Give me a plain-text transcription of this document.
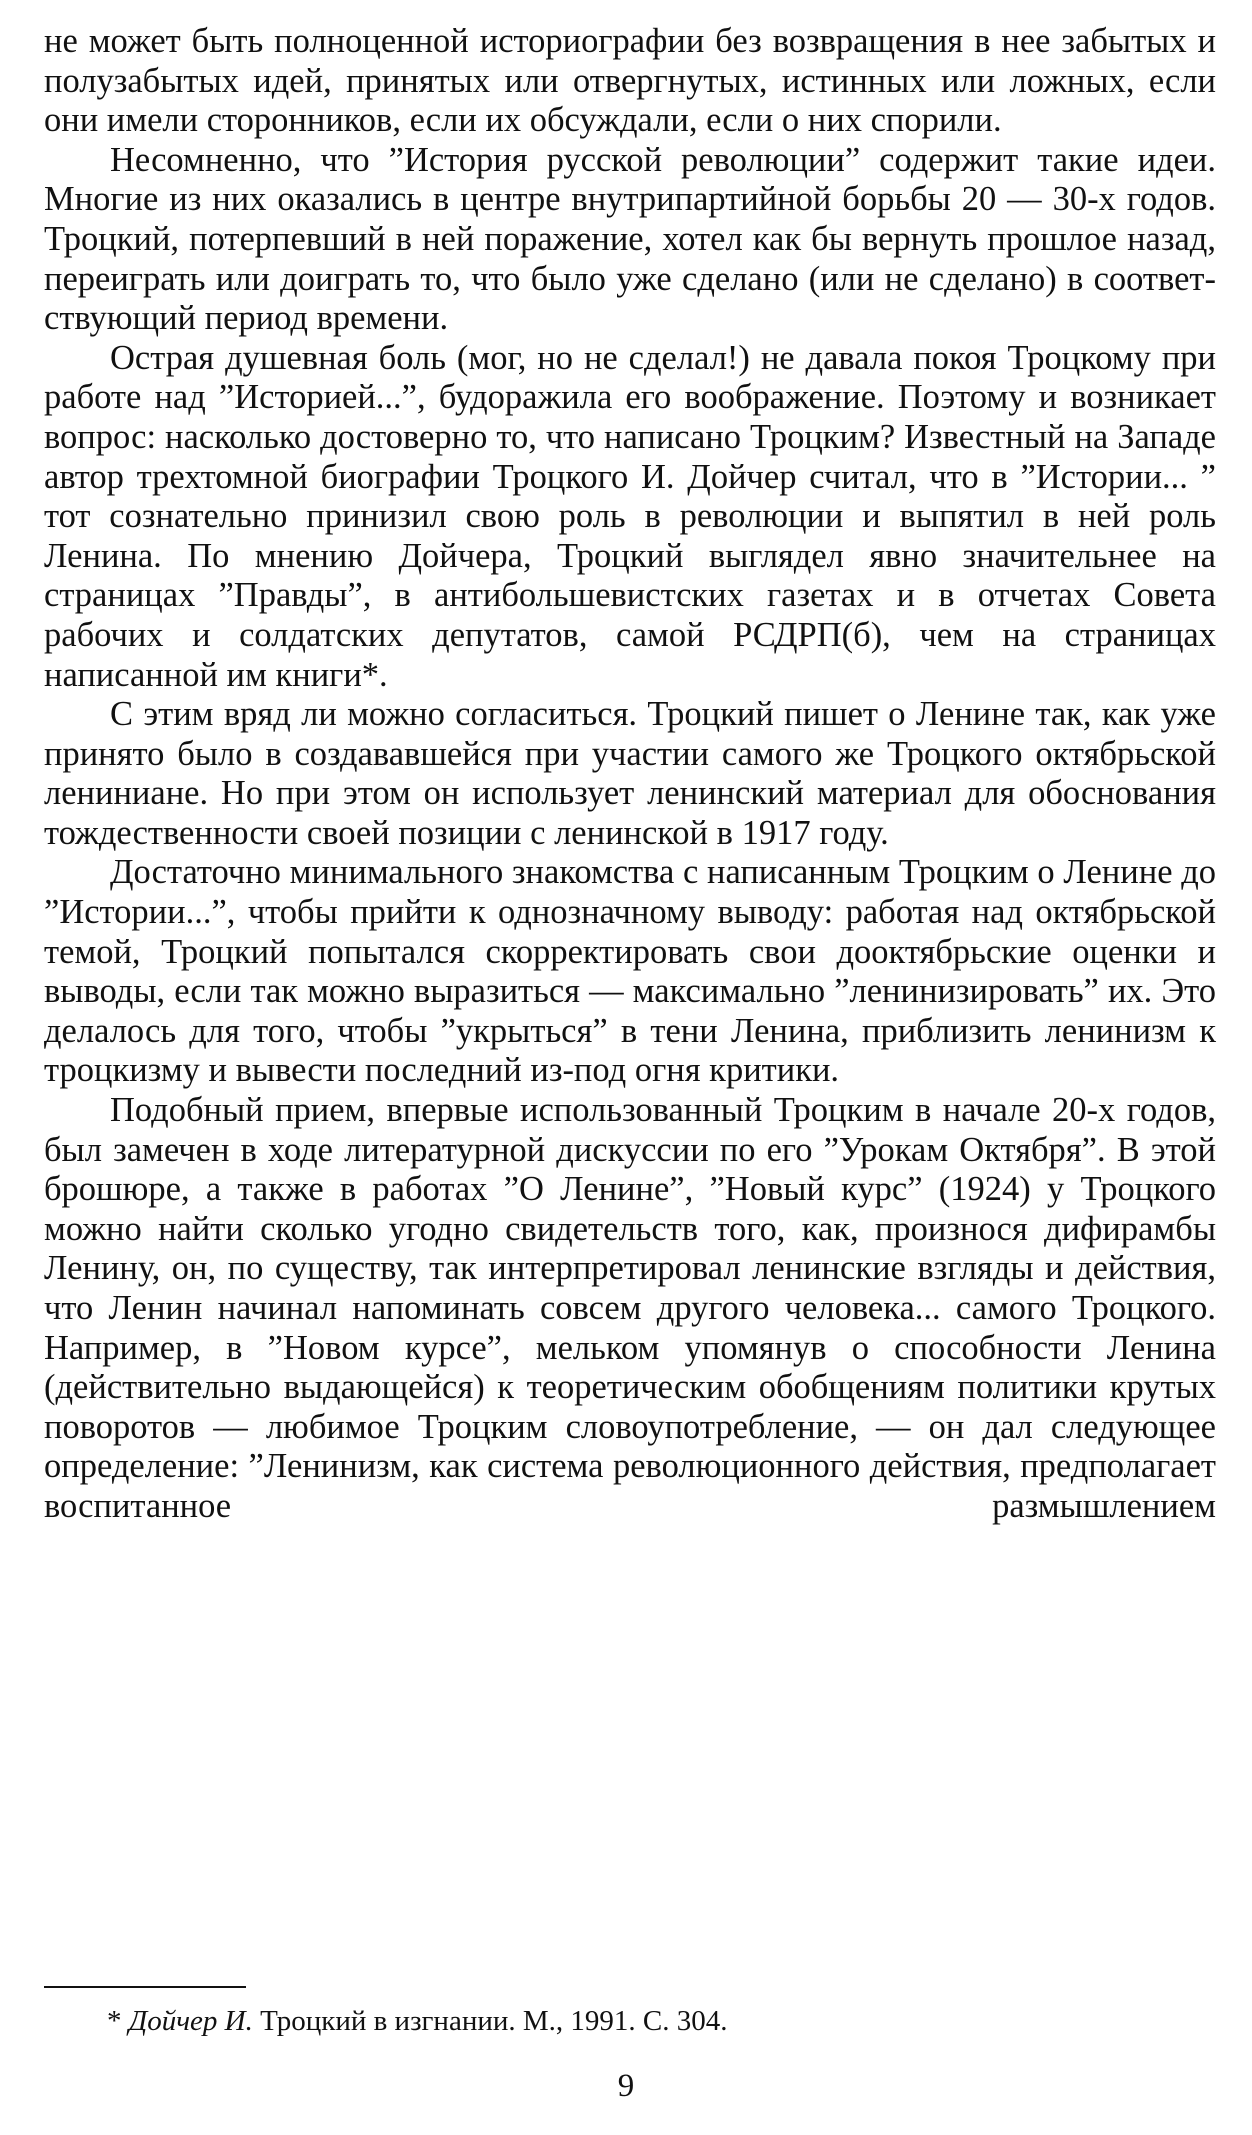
не может быть полноценной историографии без возвращения в нее забытых и полузабытых идей, принятых или отвергнутых, истинных или ложных, если они имели сторонников, если их обсуждали, если о них спорили.

Несомненно, что ”История русской революции” содержит такие идеи. Многие из них оказались в центре внутрипартийной борьбы 20 — 30-х годов. Троцкий, потерпевший в ней поражение, хотел как бы вернуть прошлое назад, переиграть или доиграть то, что было уже сделано (или не сделано) в соответствующий период времени.

Острая душевная боль (мог, но не сделал!) не давала покоя Троцкому при работе над ”Историей...”, будоражила его воображение. Поэтому и возникает вопрос: насколько достоверно то, что написано Троцким? Известный на Западе автор трехтомной биографии Троцкого И. Дойчер считал, что в ”Истории... ” тот сознательно принизил свою роль в революции и выпятил в ней роль Ленина. По мнению Дойчера, Троцкий выглядел явно значительнее на страницах ”Правды”, в антибольшевистских газетах и в отчетах Совета рабочих и солдатских депутатов, самой РСДРП(б), чем на страницах написанной им книги*.

С этим вряд ли можно согласиться. Троцкий пишет о Ленине так, как уже принято было в создававшейся при участии самого же Троцкого октябрьской лениниане. Но при этом он использует ленинский материал для обоснования тождественности своей позиции с ленинской в 1917 году.

Достаточно минимального знакомства с написанным Троцким о Ленине до ”Истории...”, чтобы прийти к однозначному выводу: работая над октябрьской темой, Троцкий попытался скорректировать свои дооктябрьские оценки и выводы, если так можно выразиться — максимально ”ленинизировать” их. Это делалось для того, чтобы ”укрыться” в тени Ленина, приблизить ленинизм к троцкизму и вывести последний из-под огня критики.

Подобный прием, впервые использованный Троцким в начале 20-х годов, был замечен в ходе литературной дискуссии по его ”Урокам Октября”. В этой брошюре, а также в работах ”О Ленине”, ”Новый курс” (1924) у Троцкого можно найти сколько угодно свидетельств того, как, произнося дифирамбы Ленину, он, по существу, так интерпретировал ленинские взгляды и действия, что Ленин начинал напоминать совсем другого человека... самого Троцкого. Например, в ”Новом курсе”, мельком упомянув о способности Ленина (действительно выдающейся) к теоретическим обобщениям политики крутых поворотов — любимое Троцким словоупотребление, — он дал следующее определение: ”Ленинизм, как система революционного действия, предполагает воспитанное размышлением

* Дойчер И. Троцкий в изгнании. М., 1991. С. 304.
9
